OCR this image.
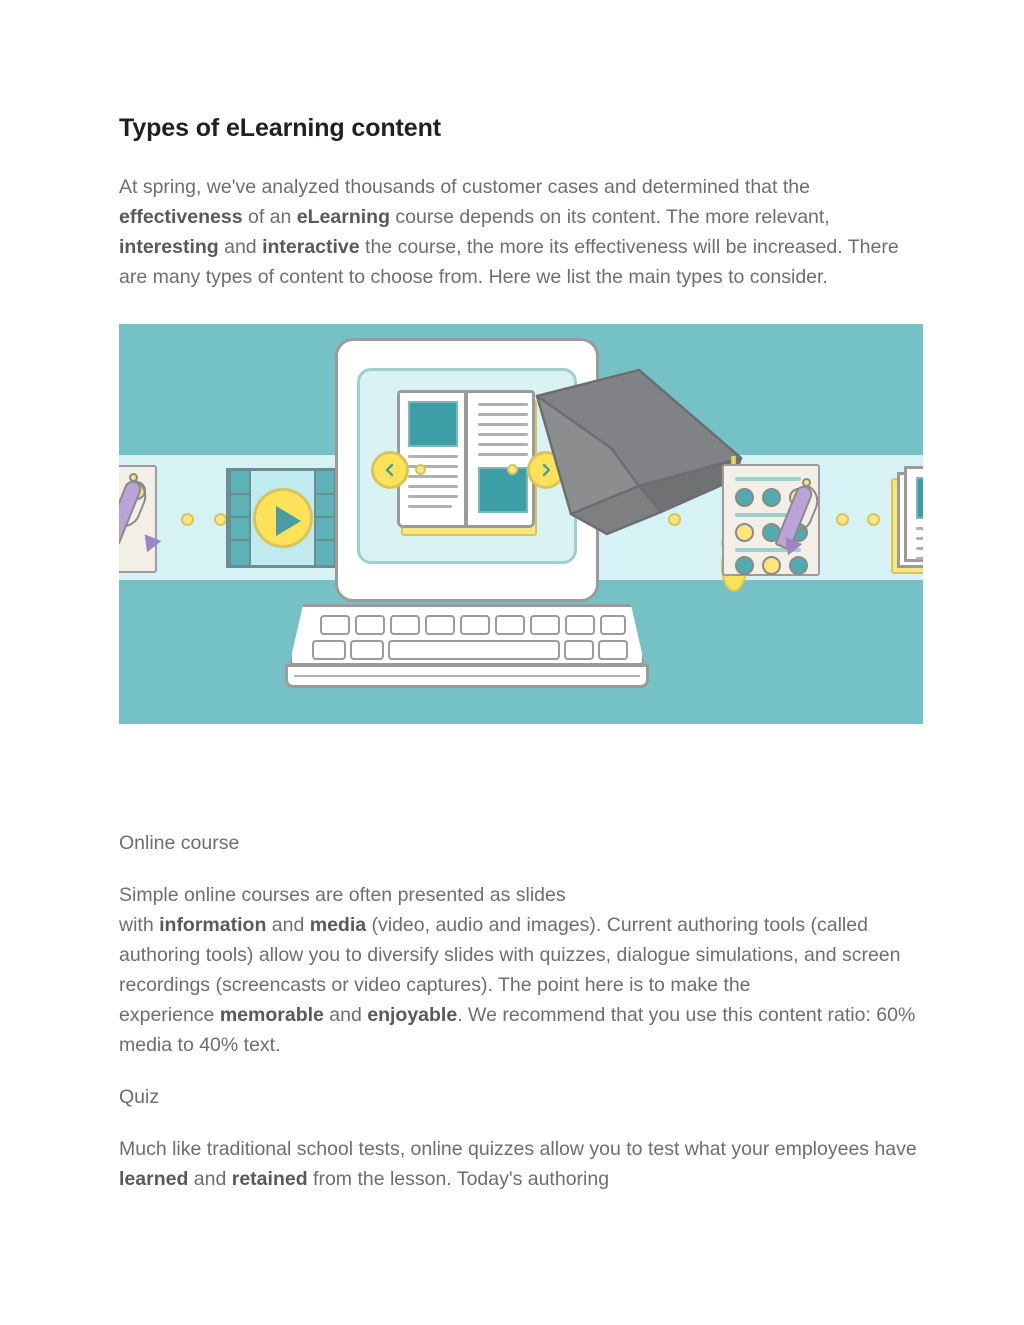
Types of eLearning content

At spring, we've analyzed thousands of customer cases and determined that the effectiveness of an eLearning course depends on its content. The more relevant, interesting and interactive the course, the more its effectiveness will be increased. There are many types of content to choose from. Here we list the main types to consider.

Online course

Simple online courses are often presented as slides
with information and media (video, audio and images). Current authoring tools (called authoring tools) allow you to diversify slides with quizzes, dialogue simulations, and screen recordings (screencasts or video captures). The point here is to make the
experience memorable and enjoyable. We recommend that you use this content ratio: 60% media to 40% text.

Quiz

Much like traditional school tests, online quizzes allow you to test what your employees have learned and retained from the lesson. Today's authoring
